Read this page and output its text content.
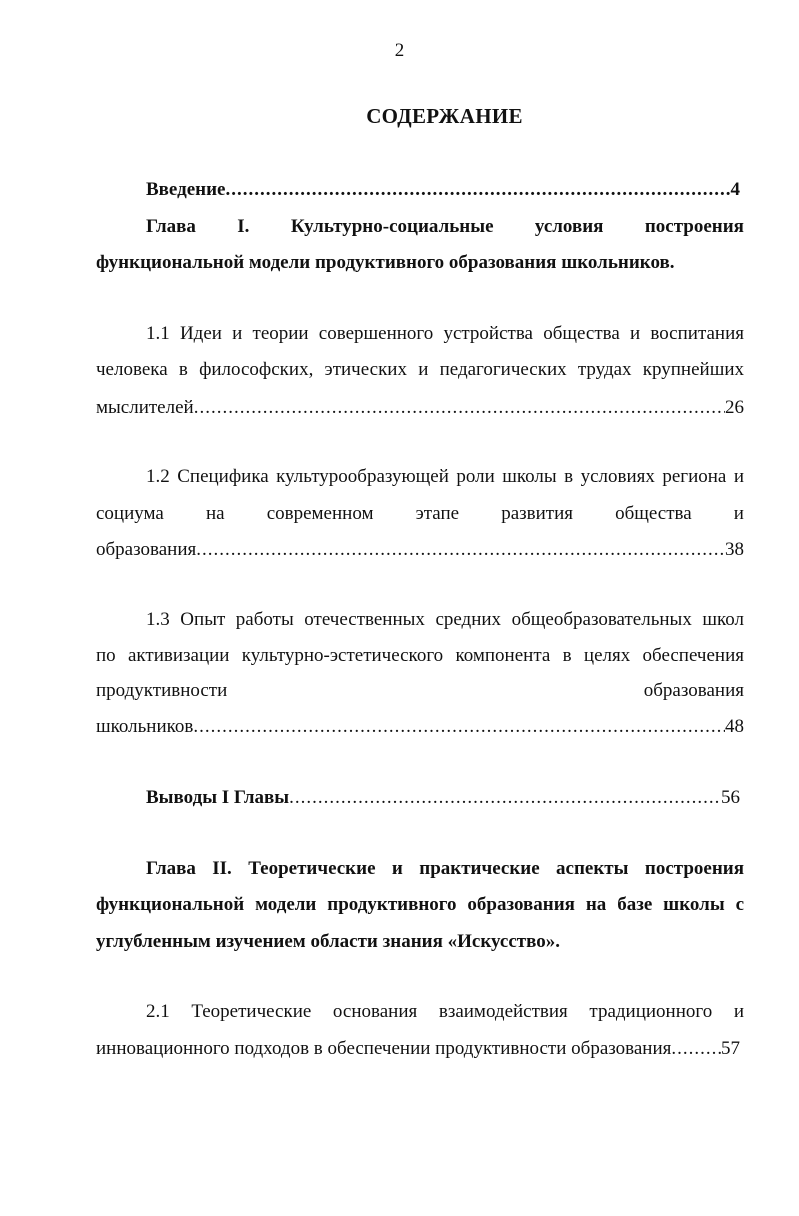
2
СОДЕРЖАНИЕ
Введение .....	4
Глава I. Культурно-социальные условия построения
функциональной модели продуктивного образования школьников.
1.1 Идеи и теории совершенного устройства общества и воспитания
человека в философских, этических и педагогических трудах крупнейших
мыслителей .....	26
1.2 Специфика культурообразующей роли школы в условиях региона и
социума на современном этапе развития общества и
образования .....	38
1.3 Опыт работы отечественных средних общеобразовательных школ
по активизации культурно-эстетического компонента в целях обеспечения
продуктивности	образования
школьников .....	48
Выводы I Главы .....	56
Глава II. Теоретические и практические аспекты построения
функциональной модели продуктивного образования на базе школы с
углубленным изучением области знания «Искусство».
2.1 Теоретические основания взаимодействия традиционного и
инновационного подходов в обеспечении продуктивности образования .....	57
